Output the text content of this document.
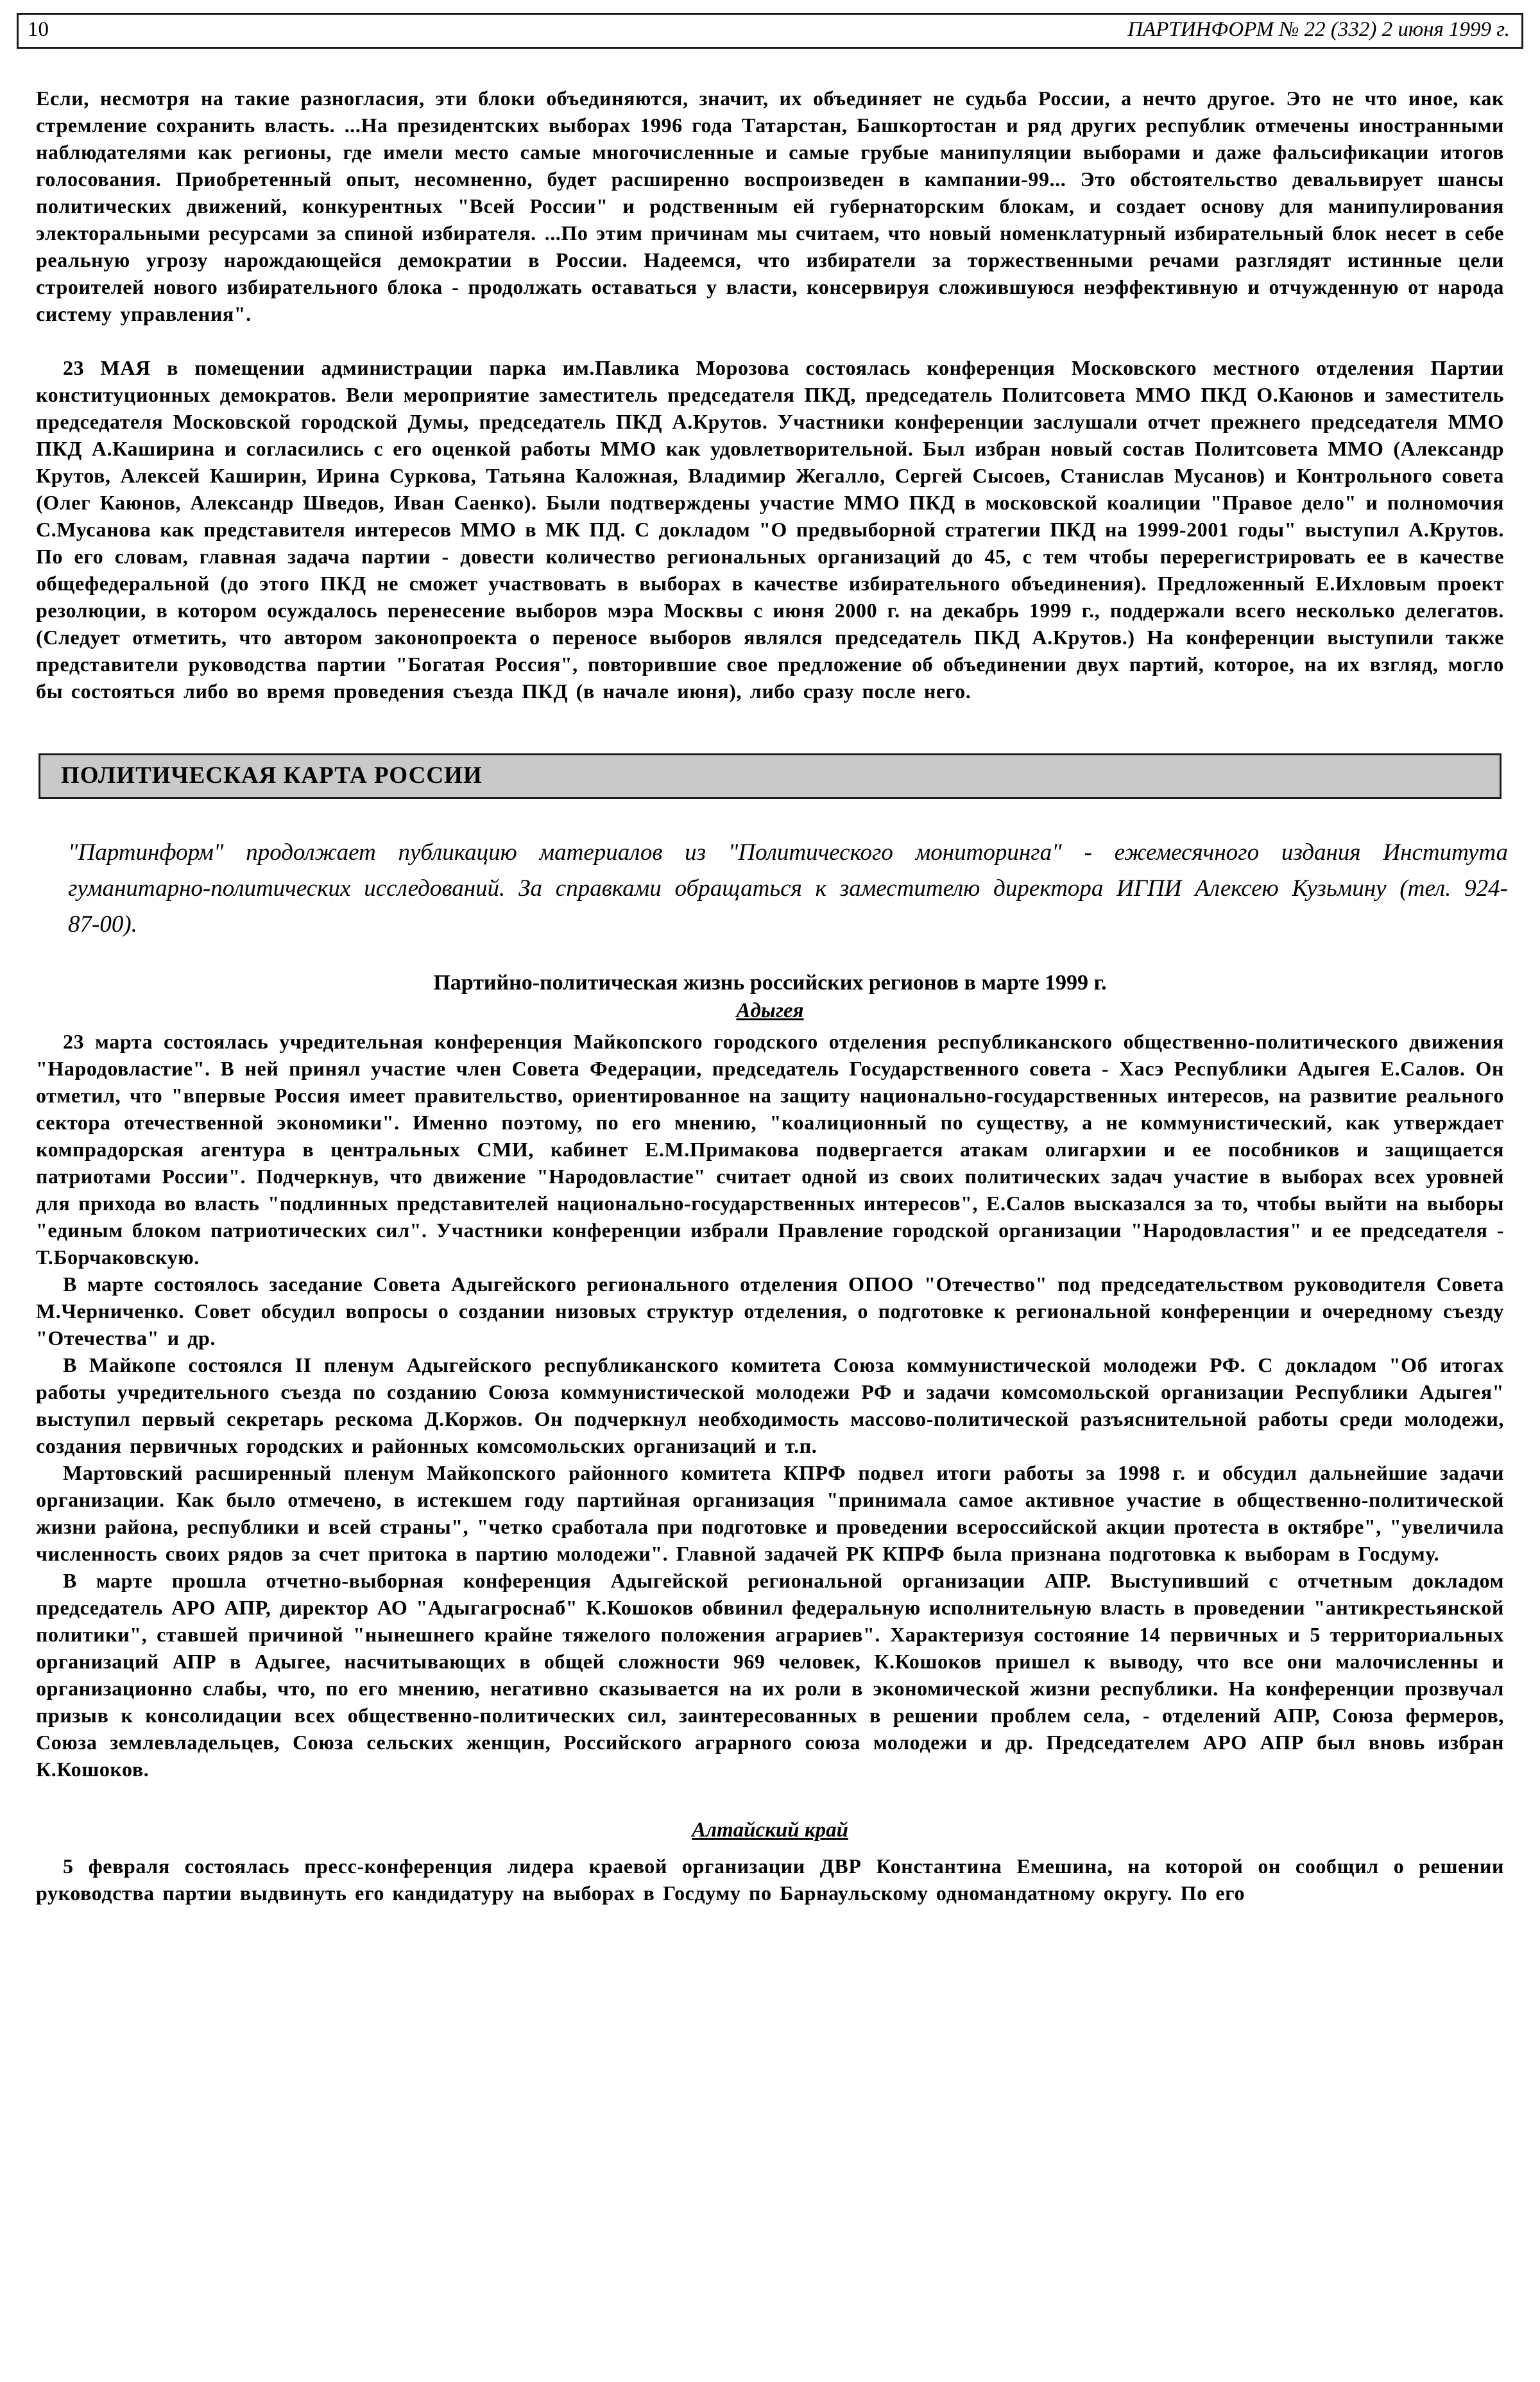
10	ПАРТИНФОРМ № 22 (332) 2 июня 1999 г.

Если, несмотря на такие разногласия, эти блоки объединяются, значит, их объединяет не судьба России, а нечто другое. Это не что иное, как стремление сохранить власть. ...На президентских выборах 1996 года Татарстан, Башкортостан и ряд других республик отмечены иностранными наблюдателями как регионы, где имели место самые многочисленные и самые грубые манипуляции выборами и даже фальсификации итогов голосования. Приобретенный опыт, несомненно, будет расширенно воспроизведен в кампании-99... Это обстоятельство девальвирует шансы политических движений, конкурентных "Всей России" и родственным ей губернаторским блокам, и создает основу для манипулирования электоральными ресурсами за спиной избирателя. ...По этим причинам мы считаем, что новый номенклатурный избирательный блок несет в себе реальную угрозу нарождающейся демократии в России. Надеемся, что избиратели за торжественными речами разглядят истинные цели строителей нового избирательного блока - продолжать оставаться у власти, консервируя сложившуюся неэффективную и отчужденную от народа систему управления".

23 МАЯ в помещении администрации парка им.Павлика Морозова состоялась конференция Московского местного отделения Партии конституционных демократов. Вели мероприятие заместитель председателя ПКД, председатель Политсовета ММО ПКД О.Каюнов и заместитель председателя Московской городской Думы, председатель ПКД А.Крутов. Участники конференции заслушали отчет прежнего председателя ММО ПКД А.Каширина и согласились с его оценкой работы ММО как удовлетворительной. Был избран новый состав Политсовета ММО (Александр Крутов, Алексей Каширин, Ирина Суркова, Татьяна Каложная, Владимир Жегалло, Сергей Сысоев, Станислав Мусанов) и Контрольного совета (Олег Каюнов, Александр Шведов, Иван Саенко). Были подтверждены участие ММО ПКД в московской коалиции "Правое дело" и полномочия С.Мусанова как представителя интересов ММО в МК ПД. С докладом "О предвыборной стратегии ПКД на 1999-2001 годы" выступил А.Крутов. По его словам, главная задача партии - довести количество региональных организаций до 45, с тем чтобы перерегистрировать ее в качестве общефедеральной (до этого ПКД не сможет участвовать в выборах в качестве избирательного объединения). Предложенный Е.Ихловым проект резолюции, в котором осуждалось перенесение выборов мэра Москвы с июня 2000 г. на декабрь 1999 г., поддержали всего несколько делегатов. (Следует отметить, что автором законопроекта о переносе выборов являлся председатель ПКД А.Крутов.) На конференции выступили также представители руководства партии "Богатая Россия", повторившие свое предложение об объединении двух партий, которое, на их взгляд, могло бы состояться либо во время проведения съезда ПКД (в начале июня), либо сразу после него.

ПОЛИТИЧЕСКАЯ КАРТА РОССИИ

"Партинформ" продолжает публикацию материалов из "Политического мониторинга" - ежемесячного издания Института гуманитарно-политических исследований. За справками обращаться к заместителю директора ИГПИ Алексею Кузьмину (тел. 924-87-00).

Партийно-политическая жизнь российских регионов в марте 1999 г.
Адыгея

23 марта состоялась учредительная конференция Майкопского городского отделения республиканского общественно-политического движения "Народовластие". В ней принял участие член Совета Федерации, председатель Государственного совета - Хасэ Республики Адыгея Е.Салов. Он отметил, что "впервые Россия имеет правительство, ориентированное на защиту национально-государственных интересов, на развитие реального сектора отечественной экономики". Именно поэтому, по его мнению, "коалиционный по существу, а не коммунистический, как утверждает компрадорская агентура в центральных СМИ, кабинет Е.М.Примакова подвергается атакам олигархии и ее пособников и защищается патриотами России". Подчеркнув, что движение "Народовластие" считает одной из своих политических задач участие в выборах всех уровней для прихода во власть "подлинных представителей национально-государственных интересов", Е.Салов высказался за то, чтобы выйти на выборы "единым блоком патриотических сил". Участники конференции избрали Правление городской организации "Народовластия" и ее председателя - Т.Борчаковскую.

В марте состоялось заседание Совета Адыгейского регионального отделения ОПОО "Отечество" под председательством руководителя Совета М.Черниченко. Совет обсудил вопросы о создании низовых структур отделения, о подготовке к региональной конференции и очередному съезду "Отечества" и др.

В Майкопе состоялся II пленум Адыгейского республиканского комитета Союза коммунистической молодежи РФ. С докладом "Об итогах работы учредительного съезда по созданию Союза коммунистической молодежи РФ и задачи комсомольской организации Республики Адыгея" выступил первый секретарь рескома Д.Коржов. Он подчеркнул необходимость массово-политической разъяснительной работы среди молодежи, создания первичных городских и районных комсомольских организаций и т.п.

Мартовский расширенный пленум Майкопского районного комитета КПРФ подвел итоги работы за 1998 г. и обсудил дальнейшие задачи организации. Как было отмечено, в истекшем году партийная организация "принимала самое активное участие в общественно-политической жизни района, республики и всей страны", "четко сработала при подготовке и проведении всероссийской акции протеста в октябре", "увеличила численность своих рядов за счет притока в партию молодежи". Главной задачей РК КПРФ была признана подготовка к выборам в Госдуму.

В марте прошла отчетно-выборная конференция Адыгейской региональной организации АПР. Выступивший с отчетным докладом председатель АРО АПР, директор АО "Адыгагроснаб" К.Кошоков обвинил федеральную исполнительную власть в проведении "антикрестьянской политики", ставшей причиной "нынешнего крайне тяжелого положения аграриев". Характеризуя состояние 14 первичных и 5 территориальных организаций АПР в Адыгее, насчитывающих в общей сложности 969 человек, К.Кошоков пришел к выводу, что все они малочисленны и организационно слабы, что, по его мнению, негативно сказывается на их роли в экономической жизни республики. На конференции прозвучал призыв к консолидации всех общественно-политических сил, заинтересованных в решении проблем села, - отделений АПР, Союза фермеров, Союза землевладельцев, Союза сельских женщин, Российского аграрного союза молодежи и др. Председателем АРО АПР был вновь избран К.Кошоков.

Алтайский край

5 февраля состоялась пресс-конференция лидера краевой организации ДВР Константина Емешина, на которой он сообщил о решении руководства партии выдвинуть его кандидатуру на выборах в Госдуму по Барнаульскому одномандатному округу. По его
